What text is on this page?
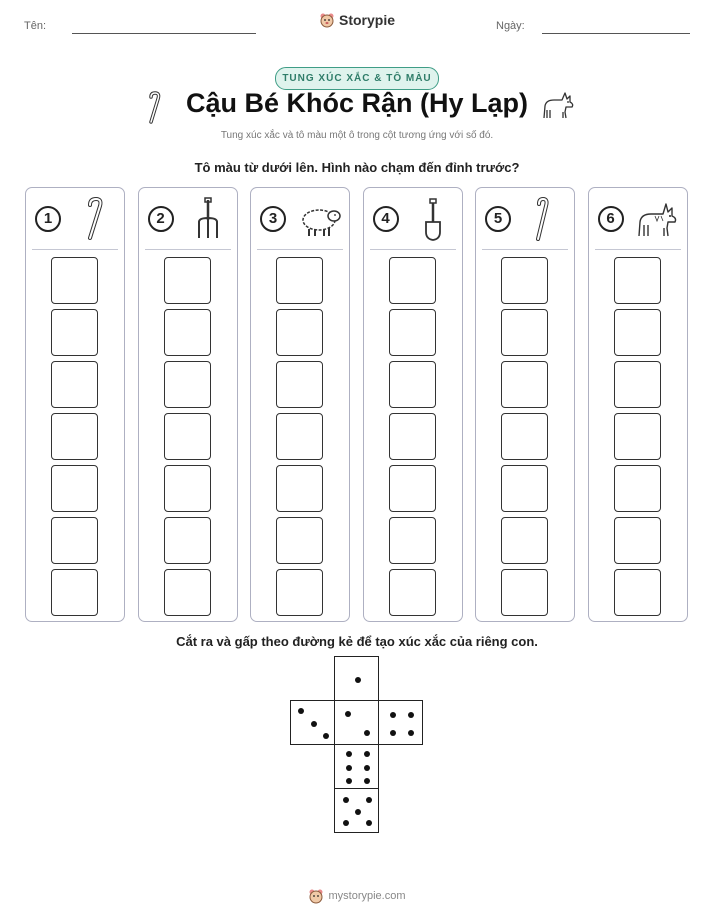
Tên:	Ngày:
Storypie
TUNG XÚC XẮC & TÔ MÀU
Cậu Bé Khóc Rận (Hy Lạp)
Tung xúc xắc và tô màu một ô trong cột tương ứng với số đó.
Tô màu từ dưới lên. Hình nào chạm đến đỉnh trước?
1	2	3	4	5	6
Cắt ra và gấp theo đường kẻ để tạo xúc xắc của riêng con.
mystorypie.com
